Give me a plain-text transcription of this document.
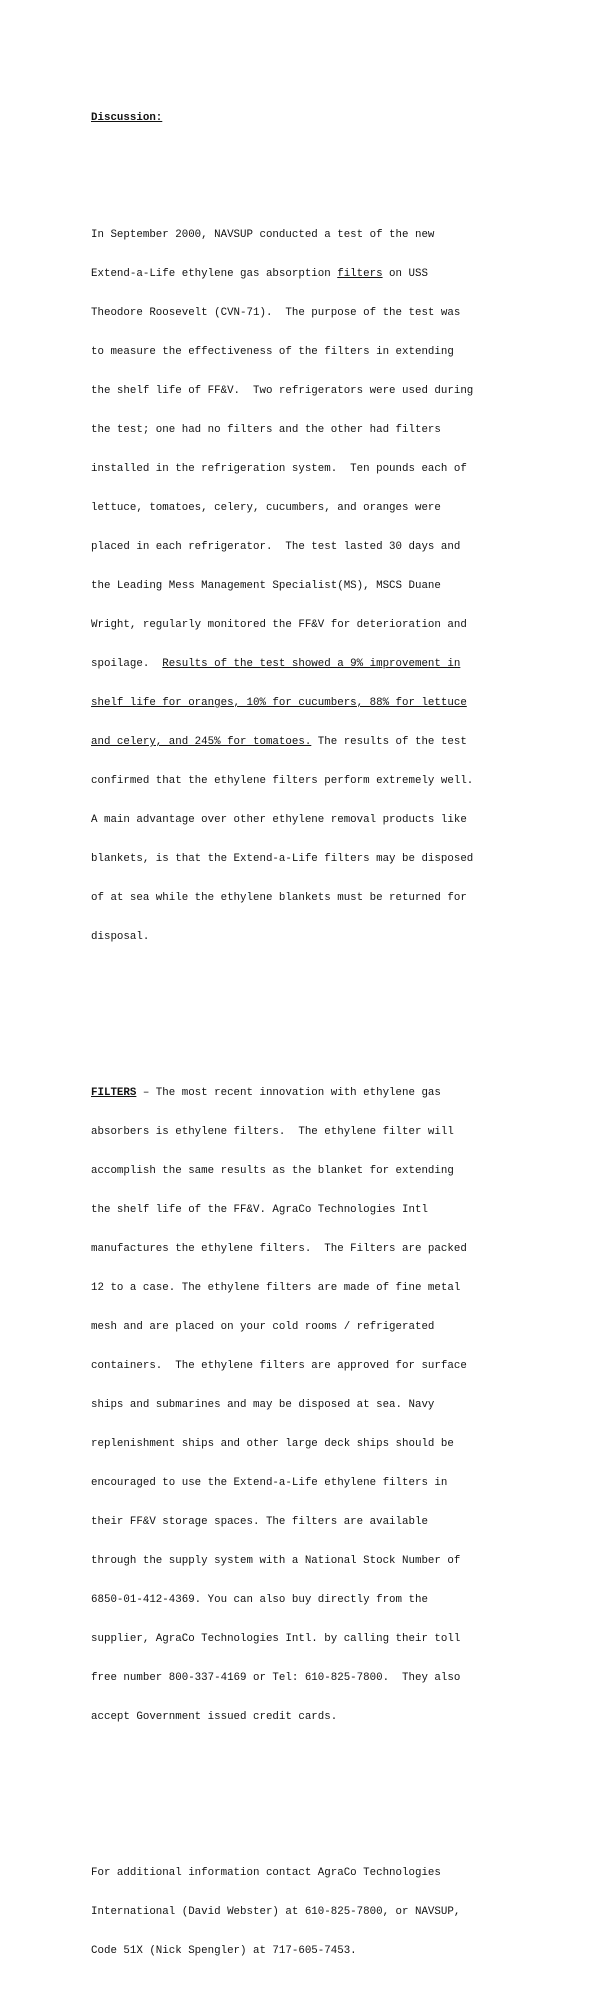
Discussion:

In September 2000, NAVSUP conducted a test of the new

Extend-a-Life ethylene gas absorption filters on USS

Theodore Roosevelt (CVN-71).  The purpose of the test was

to measure the effectiveness of the filters in extending

the shelf life of FF&V.  Two refrigerators were used during

the test; one had no filters and the other had filters

installed in the refrigeration system.  Ten pounds each of

lettuce, tomatoes, celery, cucumbers, and oranges were

placed in each refrigerator.  The test lasted 30 days and

the Leading Mess Management Specialist(MS), MSCS Duane

Wright, regularly monitored the FF&V for deterioration and

spoilage.  Results of the test showed a 9% improvement in

shelf life for oranges, 10% for cucumbers, 88% for lettuce

and celery, and 245% for tomatoes. The results of the test

confirmed that the ethylene filters perform extremely well.

A main advantage over other ethylene removal products like

blankets, is that the Extend-a-Life filters may be disposed

of at sea while the ethylene blankets must be returned for

disposal.

FILTERS – The most recent innovation with ethylene gas

absorbers is ethylene filters.  The ethylene filter will

accomplish the same results as the blanket for extending

the shelf life of the FF&V. AgraCo Technologies Intl

manufactures the ethylene filters.  The Filters are packed

12 to a case. The ethylene filters are made of fine metal

mesh and are placed on your cold rooms / refrigerated

containers.  The ethylene filters are approved for surface

ships and submarines and may be disposed at sea. Navy

replenishment ships and other large deck ships should be

encouraged to use the Extend-a-Life ethylene filters in

their FF&V storage spaces. The filters are available

through the supply system with a National Stock Number of

6850-01-412-4369. You can also buy directly from the

supplier, AgraCo Technologies Intl. by calling their toll

free number 800-337-4169 or Tel: 610-825-7800.  They also

accept Government issued credit cards.

For additional information contact AgraCo Technologies

International (David Webster) at 610-825-7800, or NAVSUP,

Code 51X (Nick Spengler) at 717-605-7453.
